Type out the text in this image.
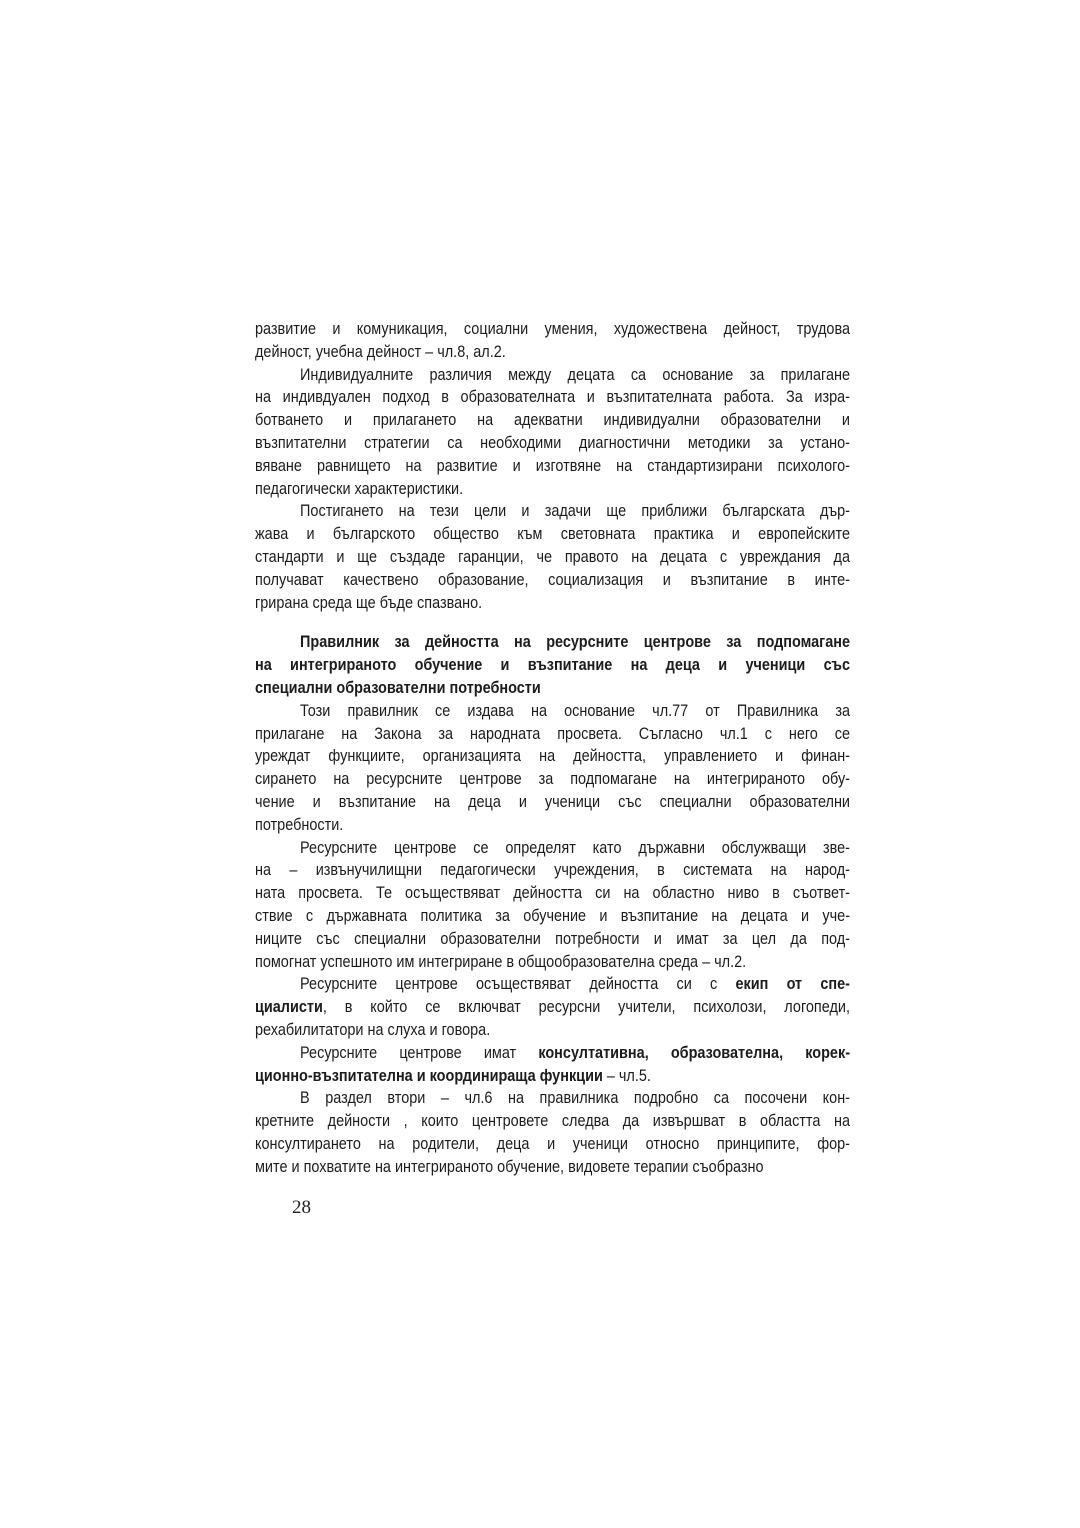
развитие и комуникация, социални умения, художествена дейност, трудова
дейност, учебна дейност – чл.8, ал.2.
Индивидуалните различия между децата са основание за прилагане
на индивдуален подход в образователната и възпитателната работа. За изра-
ботването и прилагането на адекватни индивидуални образователни и
възпитателни стратегии са необходими диагностични методики за устано-
вяване равнището на развитие и изготвяне на стандартизирани психолого-
педагогически характеристики.
Постигането на тези цели и задачи ще приближи българската дър-
жава и българското общество към световната практика и европейските
стандарти и ще създаде гаранции, че правото на децата с увреждания да
получават качествено образование, социализация и възпитание в инте-
грирана среда ще бъде спазвано.
Правилник за дейността на ресурсните центрове за подпомагане
на интегрираното обучение и възпитание на деца и ученици със
специални образователни потребности
Този правилник се издава на основание чл.77 от Правилника за
прилагане на Закона за народната просвета. Съгласно чл.1 с него се
уреждат функциите, организацията на дейността, управлението и финан-
сирането на ресурсните центрове за подпомагане на интегрираното обу-
чение и възпитание на деца и ученици със специални образователни
потребности.
Ресурсните центрове се определят като държавни обслужващи зве-
на – извънучилищни педагогически учреждения, в системата на народ-
ната просвета. Те осъществяват дейността си на областно ниво в съответ-
ствие с държавната политика за обучение и възпитание на децата и уче-
ниците със специални образователни потребности и имат за цел да под-
помогнат успешното им интегриране в общообразователна среда – чл.2.
Ресурсните центрове осъществяват дейността си с екип от спе-
циалисти, в който се включват ресурсни учители, психолози, логопеди,
рехабилитатори на слуха и говора.
Ресурсните центрове имат консултативна, образователна, корек-
ционно-възпитателна и координираща функции – чл.5.
В раздел втори – чл.6 на правилника подробно са посочени кон-
кретните дейности , които центровете следва да извършват в областта на
консултирането на родители, деца и ученици относно принципите, фор-
мите и похватите на интегрираното обучение, видовете терапии съобразно
28
